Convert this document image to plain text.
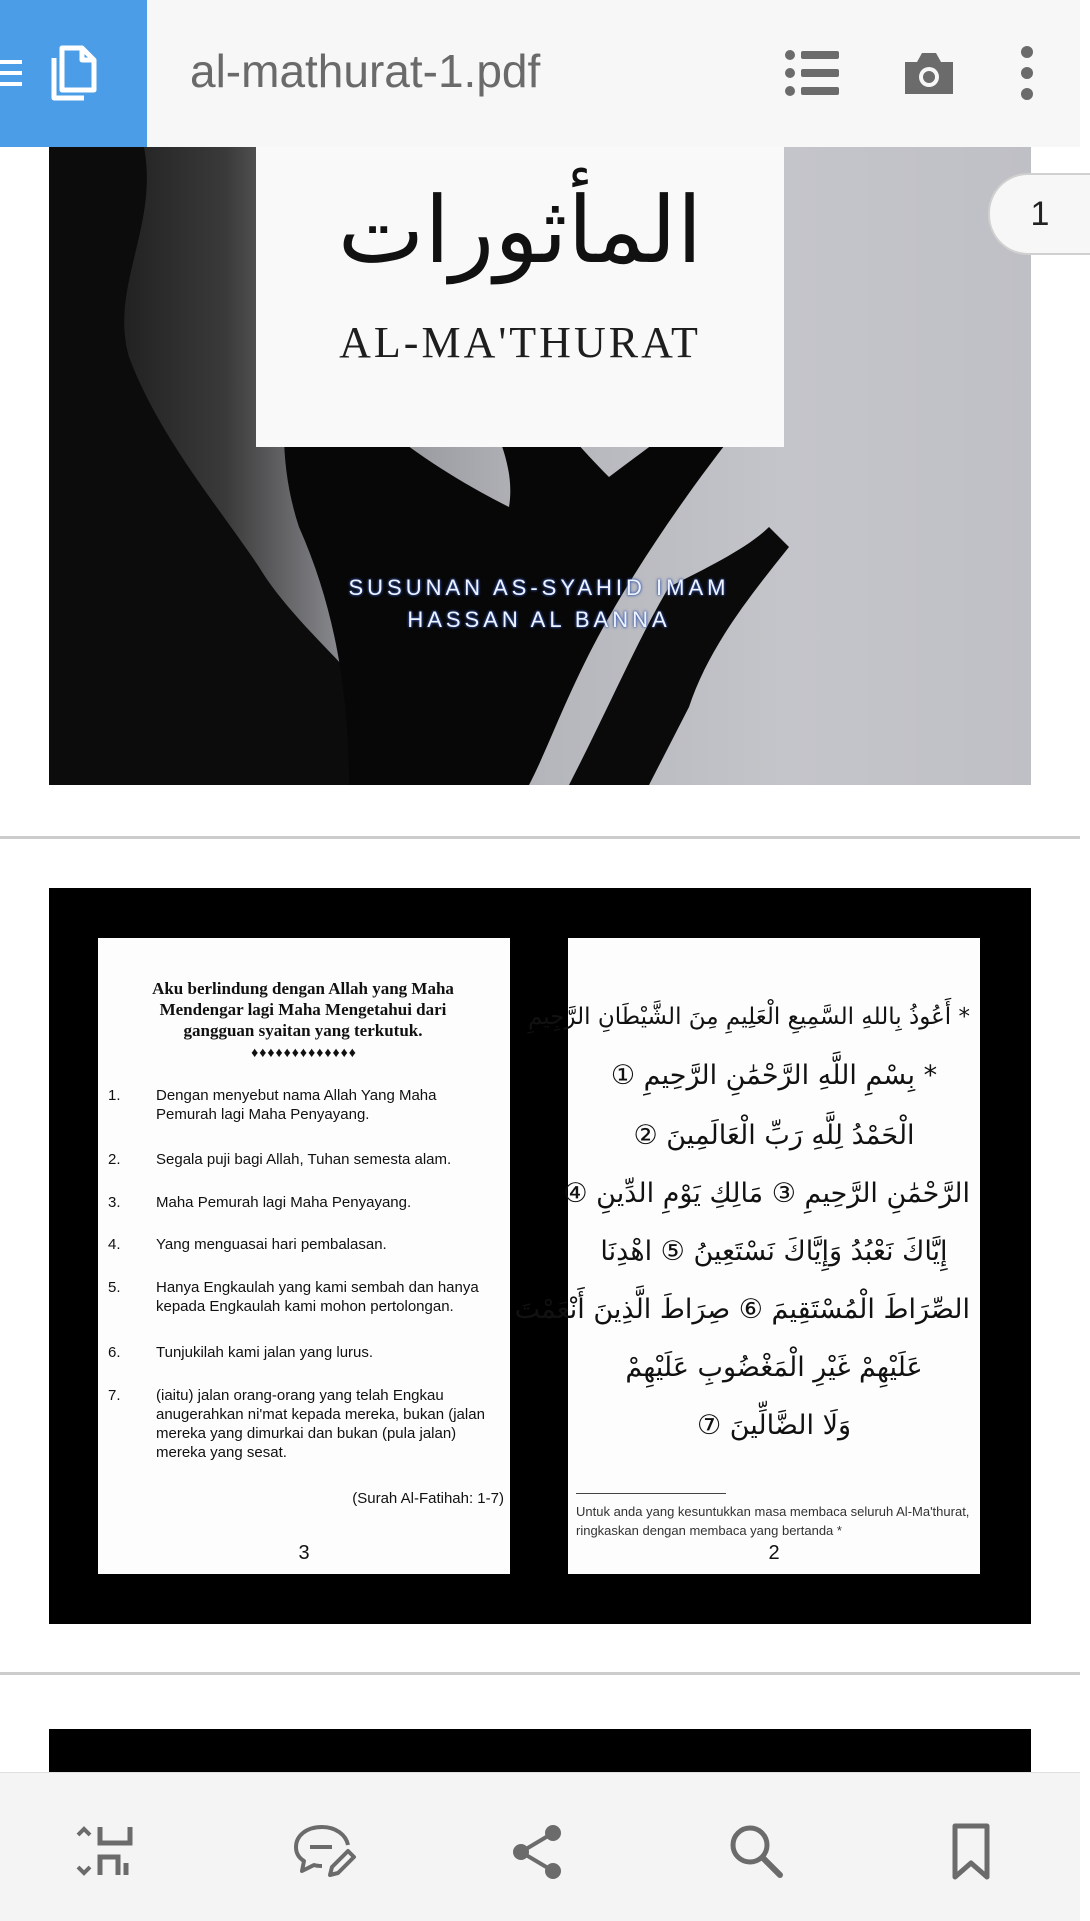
al-mathurat-1.pdf
المأثورات
AL-MA'THURAT
SUSUNAN AS-SYAHID IMAM
HASSAN AL BANNA
1
Aku berlindung dengan Allah yang Maha Mendengar lagi Maha Mengetahui dari gangguan syaitan yang terkutuk.
♦♦♦♦♦♦♦♦♦♦♦♦♦
1.	Dengan menyebut nama Allah Yang Maha Pemurah lagi Maha Penyayang.
2.	Segala puji bagi Allah, Tuhan semesta alam.
3.	Maha Pemurah lagi Maha Penyayang.
4.	Yang menguasai hari pembalasan.
5.	Hanya Engkaulah yang kami sembah dan hanya kepada Engkaulah kami mohon pertolongan.
6.	Tunjukilah kami jalan yang lurus.
7.	(iaitu) jalan orang-orang yang telah Engkau anugerahkan ni'mat kepada mereka, bukan (jalan mereka yang dimurkai dan bukan (pula jalan) mereka yang sesat.
(Surah Al-Fatihah: 1-7)
3
* أَعُوذُ بِاللهِ السَّمِيعِ الْعَلِيمِ مِنَ الشَّيْطَانِ الرَّجِيمِ
* بِسْمِ اللَّهِ الرَّحْمَٰنِ الرَّحِيمِ ①
الْحَمْدُ لِلَّهِ رَبِّ الْعَالَمِينَ ②
الرَّحْمَٰنِ الرَّحِيمِ ③ مَالِكِ يَوْمِ الدِّينِ ④
إِيَّاكَ نَعْبُدُ وَإِيَّاكَ نَسْتَعِينُ ⑤ اهْدِنَا
الصِّرَاطَ الْمُسْتَقِيمَ ⑥ صِرَاطَ الَّذِينَ أَنْعَمْتَ
عَلَيْهِمْ غَيْرِ الْمَغْضُوبِ عَلَيْهِمْ
وَلَا الضَّالِّينَ ⑦
Untuk anda yang kesuntukkan masa membaca seluruh Al-Ma'thurat, ringkaskan dengan membaca yang bertanda *
2
